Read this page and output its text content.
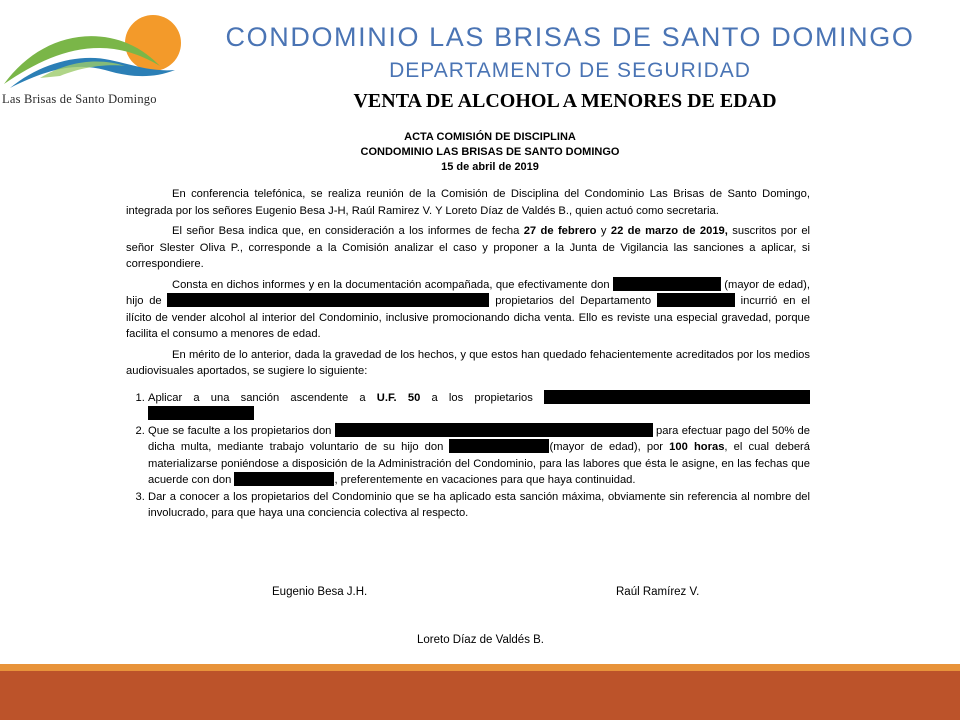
Las Brisas de Santo Domingo
CONDOMINIO LAS BRISAS DE SANTO DOMINGO
DEPARTAMENTO DE SEGURIDAD
VENTA DE ALCOHOL A MENORES DE EDAD
ACTA COMISIÓN DE DISCIPLINA
CONDOMINIO LAS BRISAS DE SANTO DOMINGO
15 de abril de 2019

En conferencia telefónica, se realiza reunión de la Comisión de Disciplina del Condominio Las Brisas de Santo Domingo, integrada por los señores Eugenio Besa J-H, Raúl Ramirez V. Y Loreto Díaz de Valdés B., quien actuó como secretaria.

El señor Besa indica que, en consideración a los informes de fecha 27 de febrero y 22 de marzo de 2019, suscritos por el señor Slester Oliva P., corresponde a la Comisión analizar el caso y proponer a la Junta de Vigilancia las sanciones a aplicar, si correspondiere.

Consta en dichos informes y en la documentación acompañada, que efectivamente don	(mayor de edad), hijo de	propietarios del Departamento	incurrió en el ilícito de vender alcohol al interior del Condominio, inclusive promocionando dicha venta. Ello es reviste una especial gravedad, porque facilita el consumo a menores de edad.

En mérito de lo anterior, dada la gravedad de los hechos, y que estos han quedado fehacientemente acreditados por los medios audiovisuales aportados, se sugiere lo siguiente:

1. Aplicar a una sanción ascendente a U.F. 50 a los propietarios
2. Que se faculte a los propietarios don	para efectuar pago del 50% de dicha multa, mediante trabajo voluntario de su hijo don	(mayor de edad), por 100 horas, el cual deberá materializarse poniéndose a disposición de la Administración del Condominio, para las labores que ésta le asigne, en las fechas que acuerde con don	, preferentemente en vacaciones para que haya continuidad.
3. Dar a conocer a los propietarios del Condominio que se ha aplicado esta sanción máxima, obviamente sin referencia al nombre del involucrado, para que haya una conciencia colectiva al respecto.
Eugenio Besa J.H.	Raúl Ramírez V.
Loreto Díaz de Valdés B.
